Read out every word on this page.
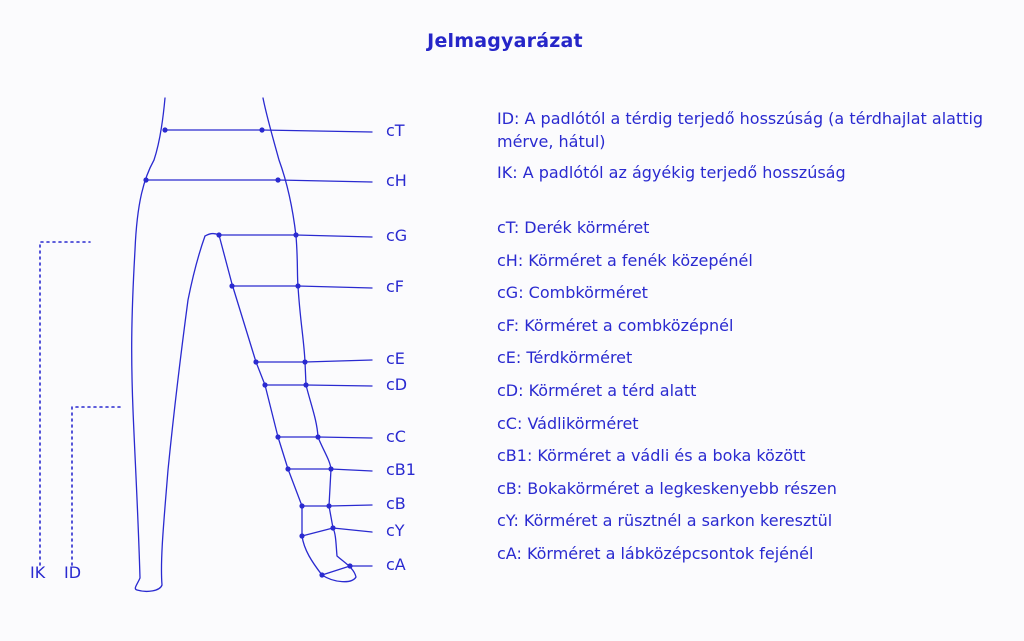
Jelmagyarázat
cT
cH
cG
cF
cE
cD
cC
cB1
cB
cY
cA
IK ID

ID: A padlótól a térdig terjedő hosszúság (a térdhajlat alattig mérve, hátul)

IK: A padlótól az ágyékig terjedő hosszúság

cT: Derék körméret

cH: Körméret a fenék közepénél

cG: Combkörméret

cF: Körméret a combközépnél

cE: Térdkörméret

cD: Körméret a térd alatt

cC: Vádlikörméret

cB1: Körméret a vádli és a boka között

cB: Bokakörméret a legkeskenyebb részen

cY: Körméret a rüsztnél a sarkon keresztül

cA: Körméret a lábközépcsontok fejénél
